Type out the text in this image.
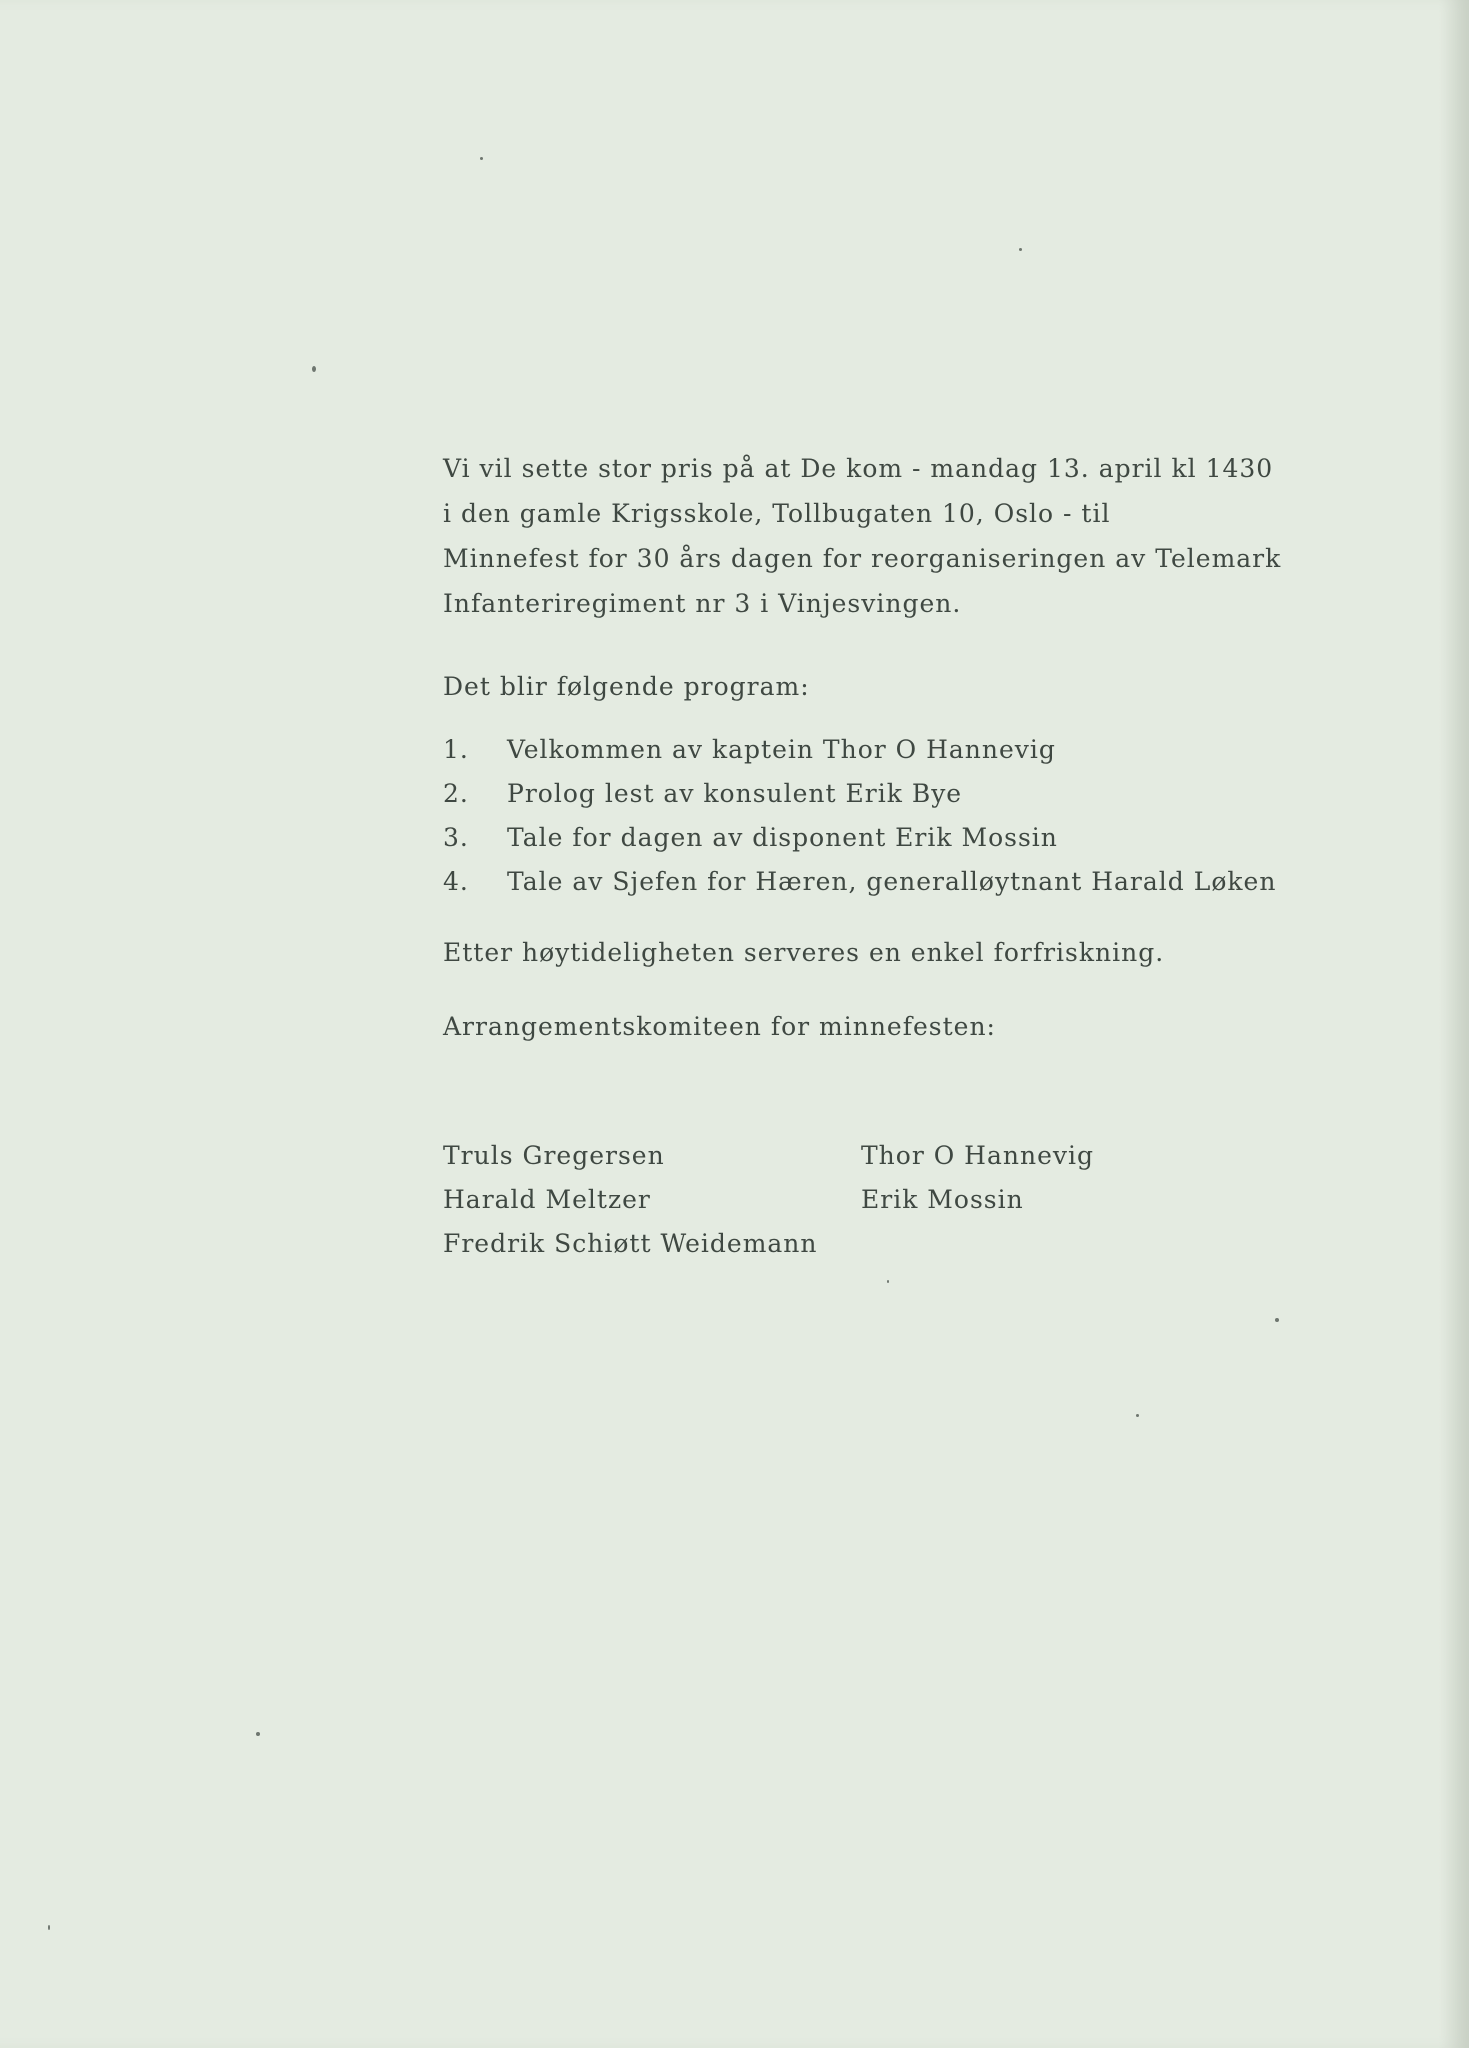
Vi vil sette stor pris på at De kom - mandag 13. april kl 1430
i den gamle Krigsskole, Tollbugaten 10, Oslo - til
Minnefest for 30 års dagen for reorganiseringen av Telemark
Infanteriregiment nr 3 i Vinjesvingen.

Det blir følgende program:

1. Velkommen av kaptein Thor O Hannevig
2. Prolog lest av konsulent Erik Bye
3. Tale for dagen av disponent Erik Mossin
4. Tale av Sjefen for Hæren, generalløytnant Harald Løken

Etter høytideligheten serveres en enkel forfriskning.

Arrangementskomiteen for minnefesten:

Truls Gregersen
Harald Meltzer
Fredrik Schiøtt Weidemann
Thor O Hannevig
Erik Mossin
